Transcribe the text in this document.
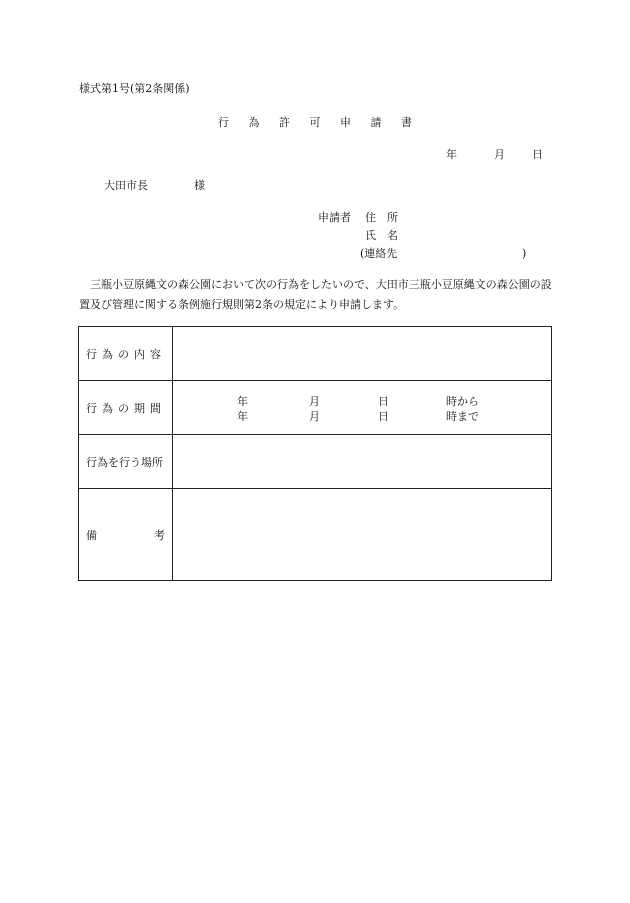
様式第1号(第2条関係)
行 為 許 可 申 請 書
年	月 日
大田市長	様
申請者 住　所
氏　名
(連絡先	)
三瓶小豆原縄文の森公園において次の行為をしたいので、大田市三瓶小豆原縄文の森公園の設置及び管理に関する条例施行規則第2条の規定により申請します。
行為の内容
行為の期間	年	月	日	時から
年	月	日	時まで
行為を行う場所
備	考
